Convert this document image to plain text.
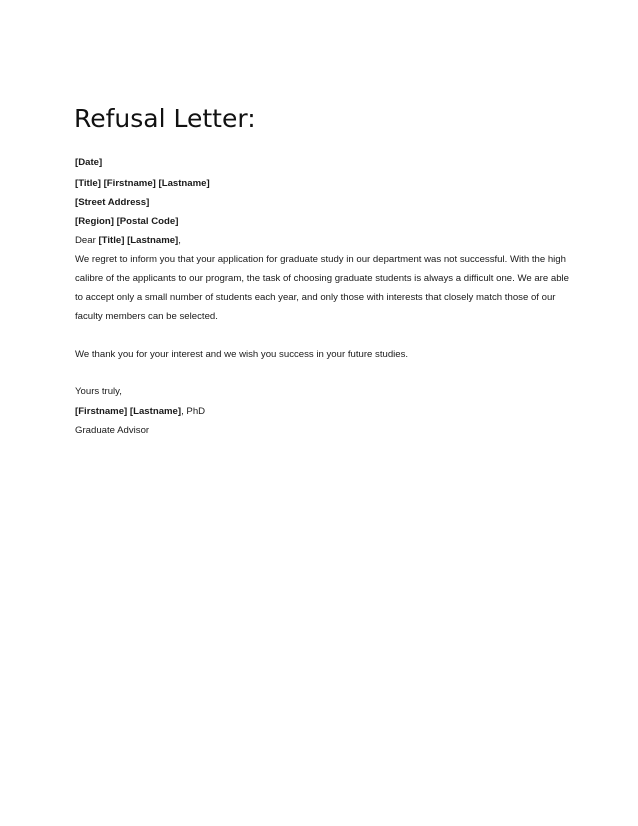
Refusal Letter:

[Date]

[Title] [Firstname] [Lastname]

[Street Address]

[Region] [Postal Code]

Dear [Title] [Lastname],

We regret to inform you that your application for graduate study in our department was not successful. With the high

calibre of the applicants to our program, the task of choosing graduate students is always a difficult one. We are able

to accept only a small number of students each year, and only those with interests that closely match those of our

faculty members can be selected.

We thank you for your interest and we wish you success in your future studies.

Yours truly,

[Firstname] [Lastname], PhD

Graduate Advisor
